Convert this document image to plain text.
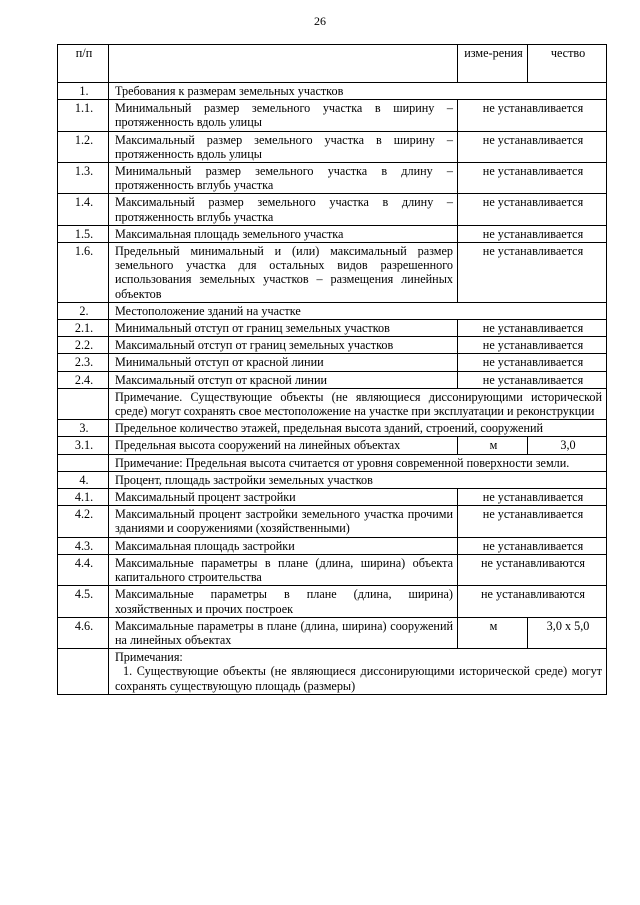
26
п/п		изме-рения	чество
1.	Требования к размерам земельных участков		
1.1.	Минимальный размер земельного участка в ширину – протяженность вдоль улицы	не устанавливается	
1.2.	Максимальный размер земельного участка в ширину – протяженность вдоль улицы	не устанавливается	
1.3.	Минимальный размер земельного участка в длину – протяженность вглубь участка	не устанавливается	
1.4.	Максимальный размер земельного участка в длину – протяженность вглубь участка	не устанавливается	
1.5.	Максимальная площадь земельного участка	не устанавливается	
1.6.	Предельный минимальный и (или) максимальный размер земельного участка для остальных видов разрешенного использования земельных участков – размещения линейных объектов	не устанавливается	
2.	Местоположение зданий на участке		
2.1.	Минимальный отступ от границ земельных участков	не устанавливается	
2.2.	Максимальный отступ от границ земельных участков	не устанавливается	
2.3.	Минимальный отступ от красной линии	не устанавливается	
2.4.	Максимальный отступ от красной линии	не устанавливается	
	Примечание. Существующие объекты (не являющиеся диссонирующими исторической среде) могут сохранять свое местоположение на участке при эксплуатации и реконструкции		
3.	Предельное количество этажей, предельная высота зданий, строений, сооружений		
3.1.	Предельная высота сооружений на линейных объектах	м	3,0
	Примечание: Предельная высота считается от уровня современной поверхности земли.		
4.	Процент, площадь застройки земельных участков		
4.1.	Максимальный процент застройки	не устанавливается	
4.2.	Максимальный процент застройки земельного участка прочими зданиями и сооружениями (хозяйственными)	не устанавливается	
4.3.	Максимальная площадь застройки	не устанавливается	
4.4.	Максимальные параметры в плане (длина, ширина) объекта капитального строительства	не устанавливаются	
4.5.	Максимальные параметры в плане (длина, ширина) хозяйственных и прочих построек	не устанавливаются	
4.6.	Максимальные параметры в плане (длина, ширина) сооружений на линейных объектах	м	3,0 х 5,0

	Примечания:
1. Существующие объекты (не являющиеся диссонирующими исторической среде) могут сохранять существующую площадь (размеры)		
